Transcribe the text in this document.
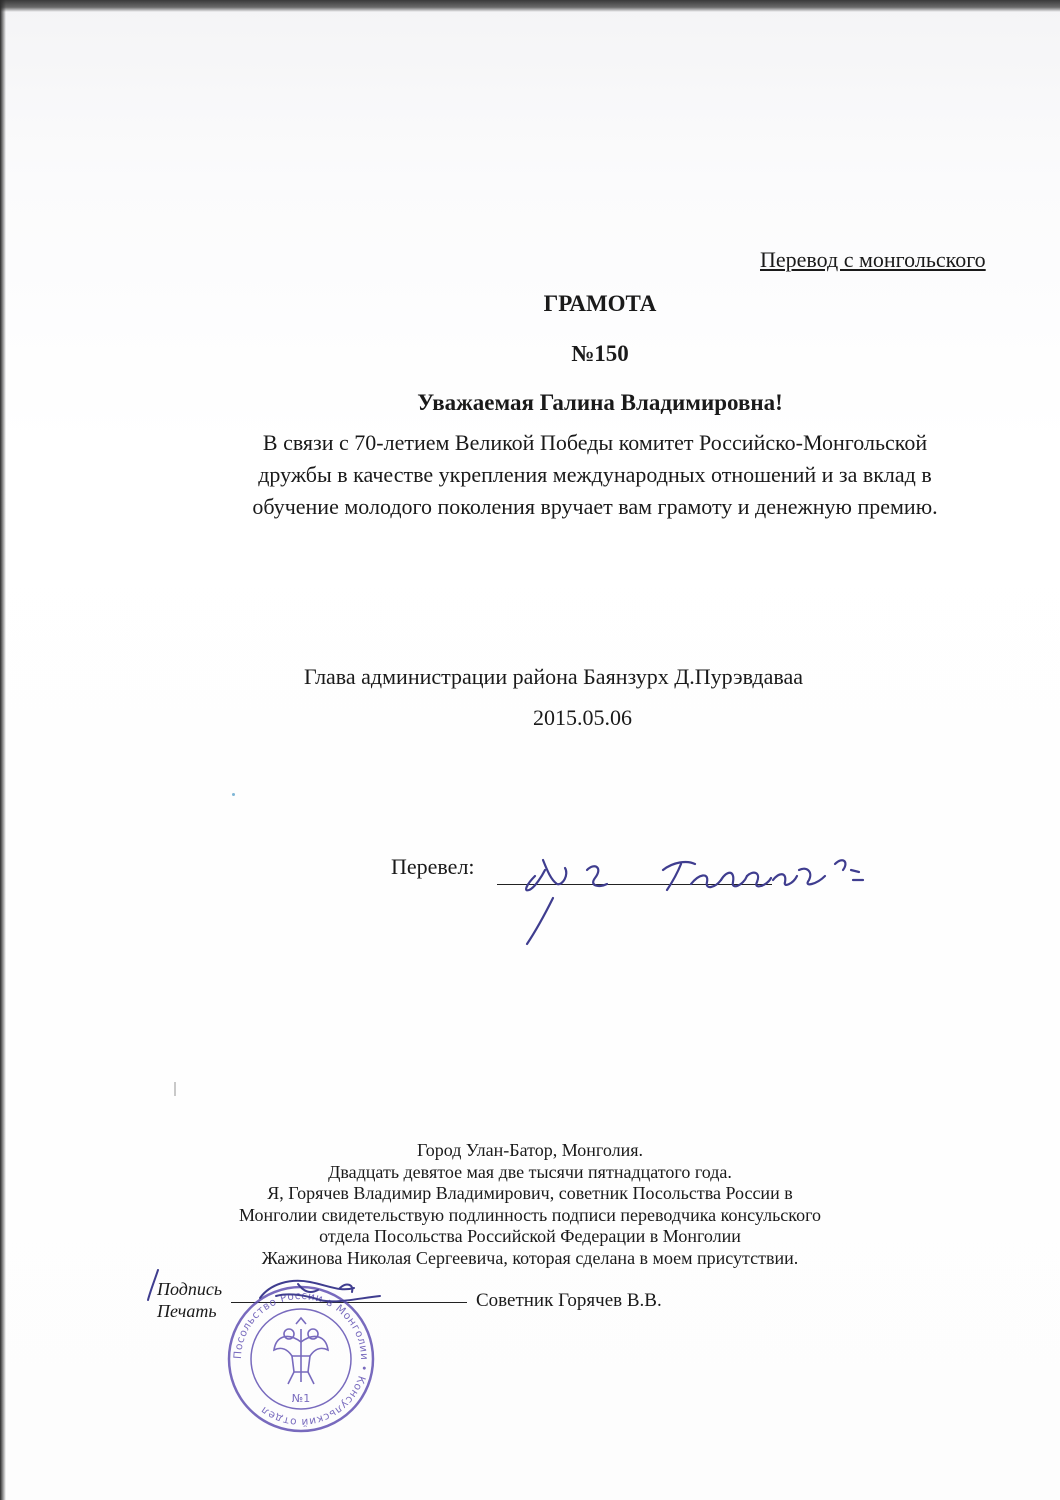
Перевод с монгольского
ГРАМОТА
№150
Уважаемая Галина Владимировна!
В связи с 70-летием Великой Победы комитет Российско-Монгольской
дружбы в качестве укрепления международных отношений и за вклад в
обучение молодого поколения вручает вам грамоту и денежную премию.
Глава администрации района Баянзурх Д.Пурэвдаваа
2015.05.06
Перевел:
Город Улан-Батор, Монголия.
Двадцать девятое мая две тысячи пятнадцатого года.
Я, Горячев Владимир Владимирович, советник Посольства России в
Монголии свидетельствую подлинность подписи переводчика консульского
отдела Посольства Российской Федерации в Монголии
Жажинова Николая Сергеевича, которая сделана в моем присутствии.
Подпись
Советник Горячев В.В.
Печать
Посольство России в Монголии • Консульский отдел
№1
